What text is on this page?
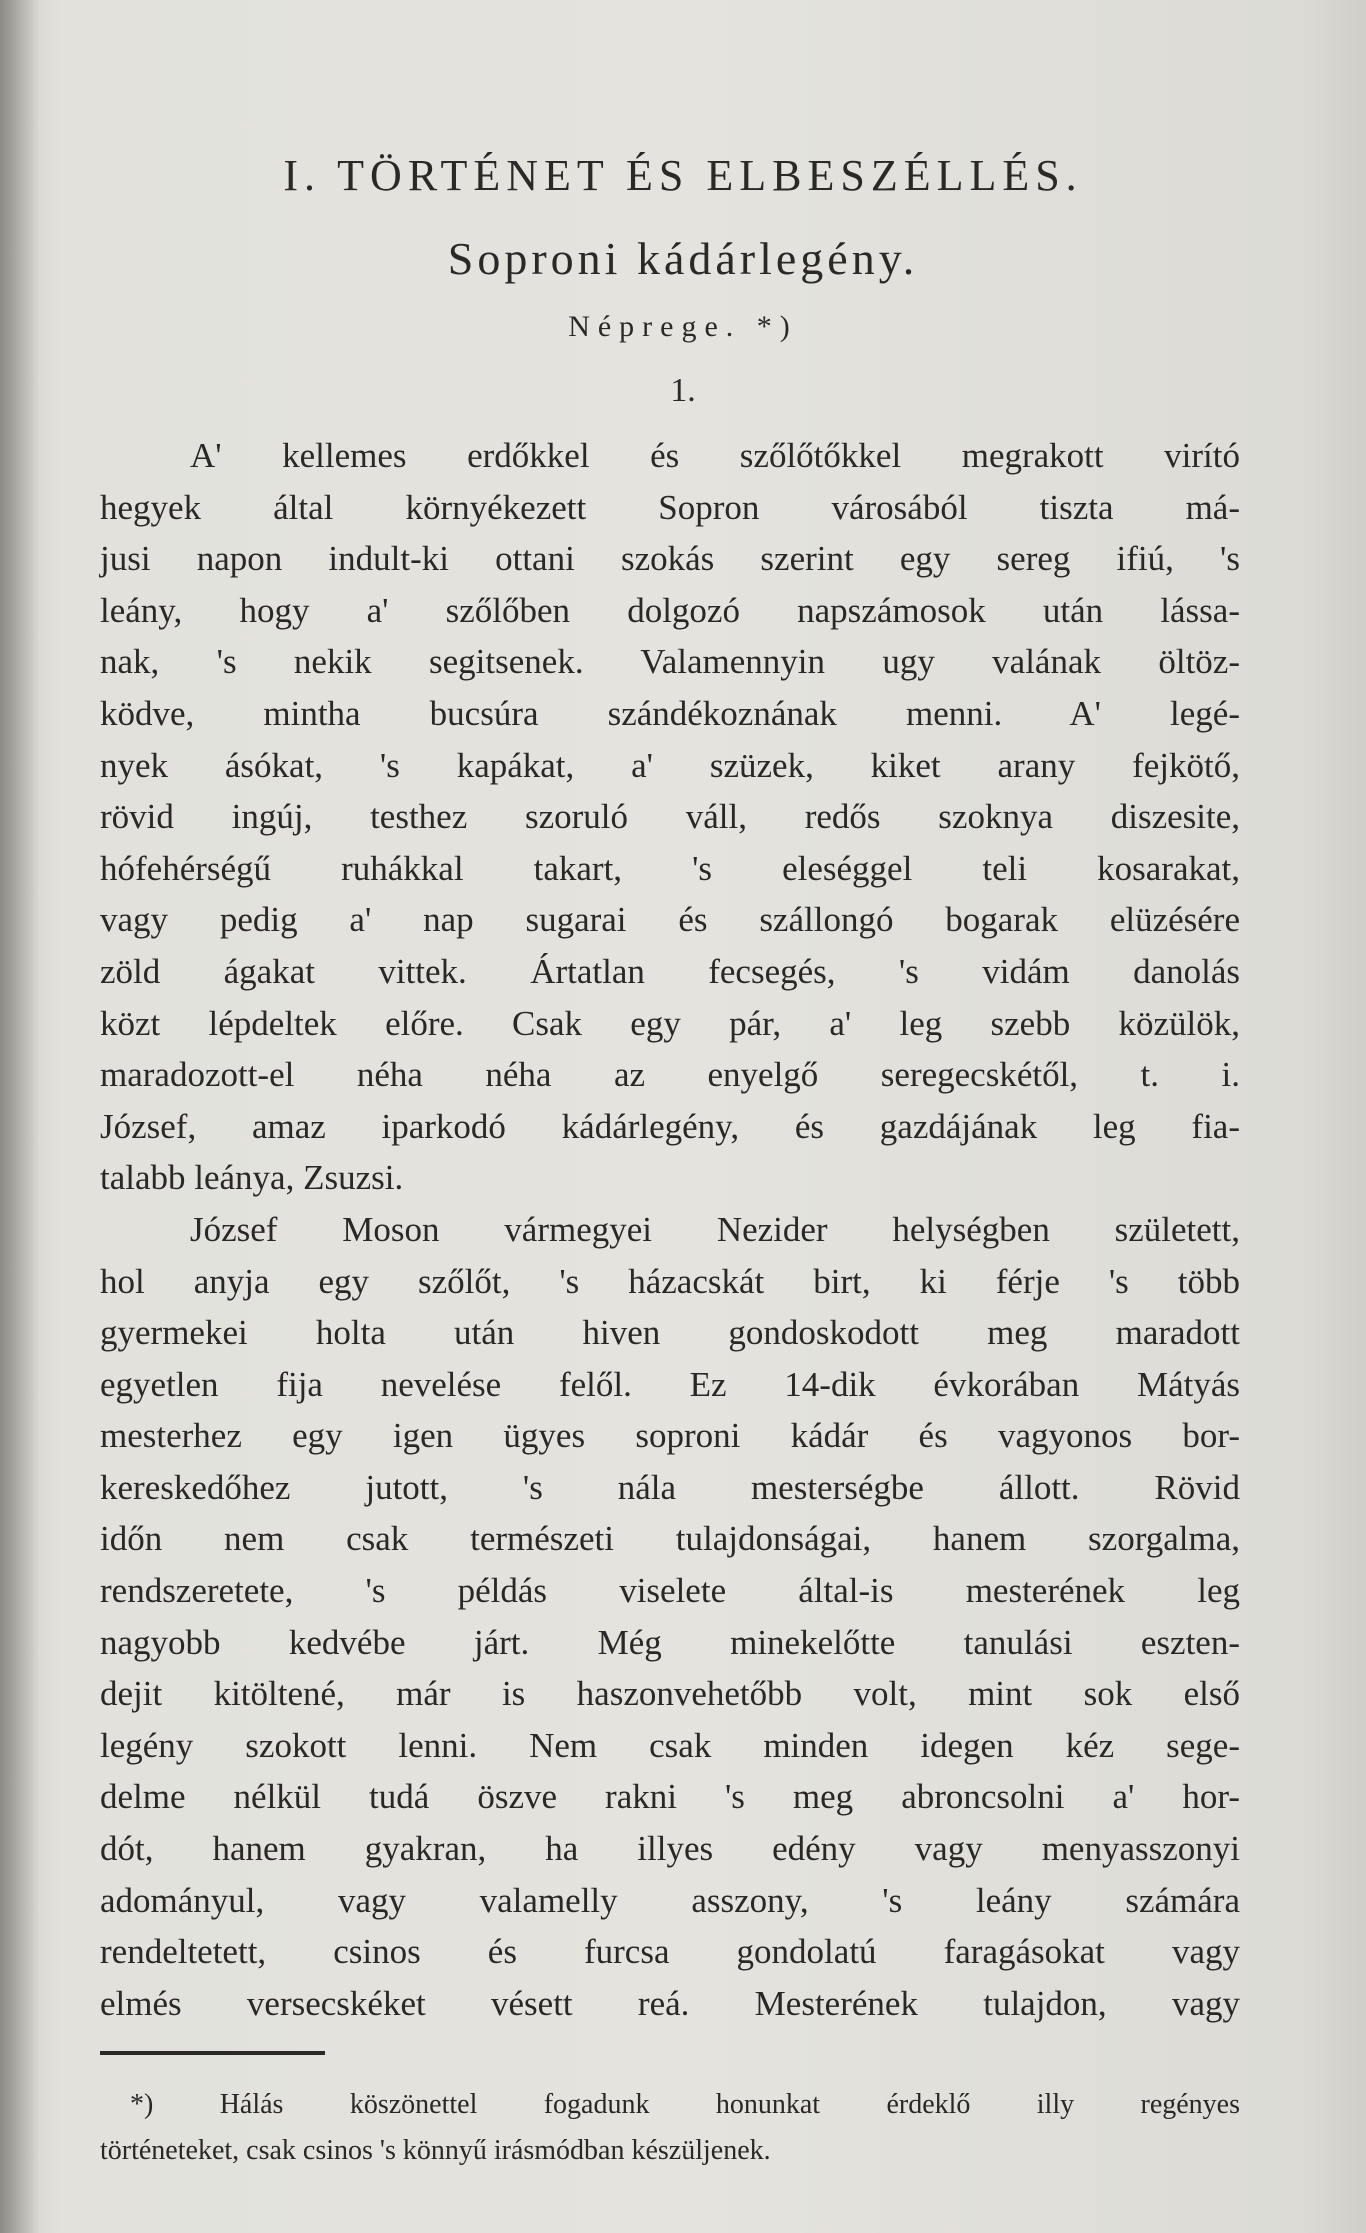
I. TÖRTÉNET ÉS ELBESZÉLLÉS.
Soproni kádárlegény.
Néprege. *)
1.
A' kellemes erdőkkel és szőlőtőkkel megrakott virító
hegyek által környékezett Sopron városából tiszta má-
jusi napon indult-ki ottani szokás szerint egy sereg ifiú, 's
leány, hogy a' szőlőben dolgozó napszámosok után lássa-
nak, 's nekik segitsenek. Valamennyin ugy valának öltöz-
ködve, mintha bucsúra szándékoznának menni. A' legé-
nyek ásókat, 's kapákat, a' szüzek, kiket arany fejkötő,
rövid ingúj, testhez szoruló váll, redős szoknya diszesite,
hófehérségű ruhákkal takart, 's eleséggel teli kosarakat,
vagy pedig a' nap sugarai és szállongó bogarak elüzésére
zöld ágakat vittek. Ártatlan fecsegés, 's vidám danolás
közt lépdeltek előre. Csak egy pár, a' leg szebb közülök,
maradozott-el néha néha az enyelgő seregecskétől, t. i.
József, amaz iparkodó kádárlegény, és gazdájának leg fia-
talabb leánya, Zsuzsi.
József Moson vármegyei Nezider helységben született,
hol anyja egy szőlőt, 's házacskát birt, ki férje 's több
gyermekei holta után hiven gondoskodott meg maradott
egyetlen fija nevelése felől. Ez 14-dik évkorában Mátyás
mesterhez egy igen ügyes soproni kádár és vagyonos bor-
kereskedőhez jutott, 's nála mesterségbe állott. Rövid
időn nem csak természeti tulajdonságai, hanem szorgalma,
rendszeretete, 's példás viselete által-is mesterének leg
nagyobb kedvébe járt. Még minekelőtte tanulási eszten-
dejit kitöltené, már is haszonvehetőbb volt, mint sok első
legény szokott lenni. Nem csak minden idegen kéz sege-
delme nélkül tudá öszve rakni 's meg abroncsolni a' hor-
dót, hanem gyakran, ha illyes edény vagy menyasszonyi
adományul, vagy valamelly asszony, 's leány számára
rendeltetett, csinos és furcsa gondolatú faragásokat vagy
elmés versecskéket vésett reá. Mesterének tulajdon, vagy
*) Hálás köszönettel fogadunk honunkat érdeklő illy regényes
történeteket, csak csinos 's könnyű irásmódban készüljenek.
